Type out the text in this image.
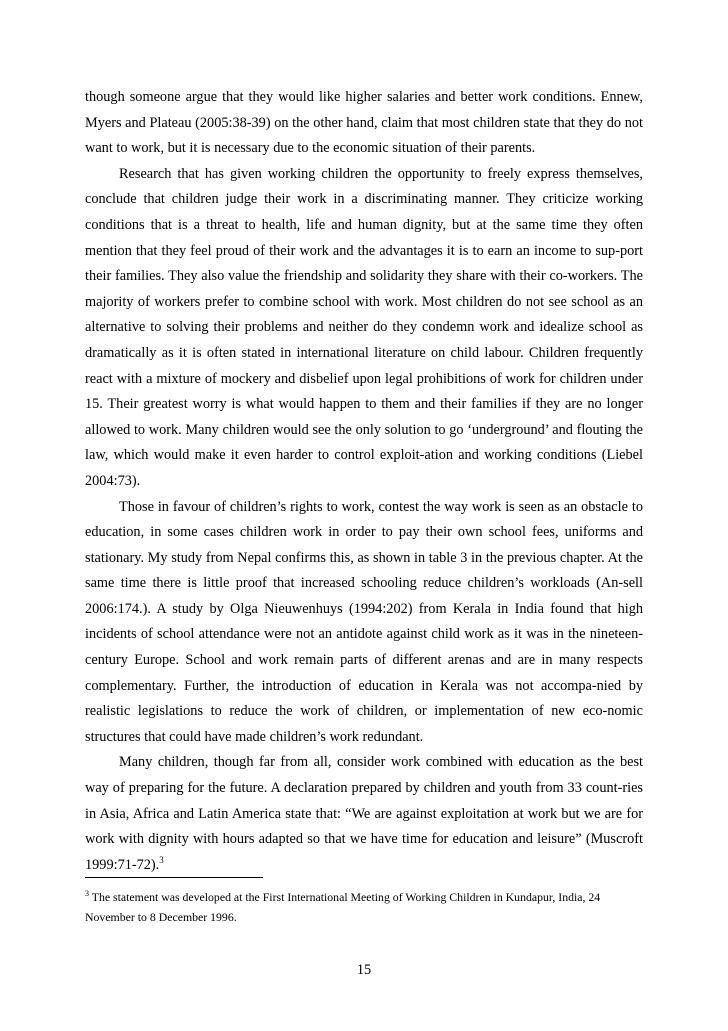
though someone argue that they would like higher salaries and better work conditions. Ennew, Myers and Plateau (2005:38-39) on the other hand, claim that most children state that they do not want to work, but it is necessary due to the economic situation of their parents.

Research that has given working children the opportunity to freely express themselves, conclude that children judge their work in a discriminating manner. They criticize working conditions that is a threat to health, life and human dignity, but at the same time they often mention that they feel proud of their work and the advantages it is to earn an income to sup-port their families. They also value the friendship and solidarity they share with their co-workers. The majority of workers prefer to combine school with work. Most children do not see school as an alternative to solving their problems and neither do they condemn work and idealize school as dramatically as it is often stated in international literature on child labour. Children frequently react with a mixture of mockery and disbelief upon legal prohibitions of work for children under 15. Their greatest worry is what would happen to them and their families if they are no longer allowed to work. Many children would see the only solution to go ‘underground’ and flouting the law, which would make it even harder to control exploit-ation and working conditions (Liebel 2004:73).

Those in favour of children’s rights to work, contest the way work is seen as an obstacle to education, in some cases children work in order to pay their own school fees, uniforms and stationary. My study from Nepal confirms this, as shown in table 3 in the previous chapter. At the same time there is little proof that increased schooling reduce children’s workloads (An-sell 2006:174.). A study by Olga Nieuwenhuys (1994:202) from Kerala in India found that high incidents of school attendance were not an antidote against child work as it was in the nineteen-century Europe. School and work remain parts of different arenas and are in many respects complementary. Further, the introduction of education in Kerala was not accompa-nied by realistic legislations to reduce the work of children, or implementation of new eco-nomic structures that could have made children’s work redundant.

Many children, though far from all, consider work combined with education as the best way of preparing for the future. A declaration prepared by children and youth from 33 count-ries in Asia, Africa and Latin America state that: “We are against exploitation at work but we are for work with dignity with hours adapted so that we have time for education and leisure” (Muscroft 1999:71-72).$^3$

$^3$ The statement was developed at the First International Meeting of Working Children in Kundapur, India, 24 November to 8 December 1996.

15
